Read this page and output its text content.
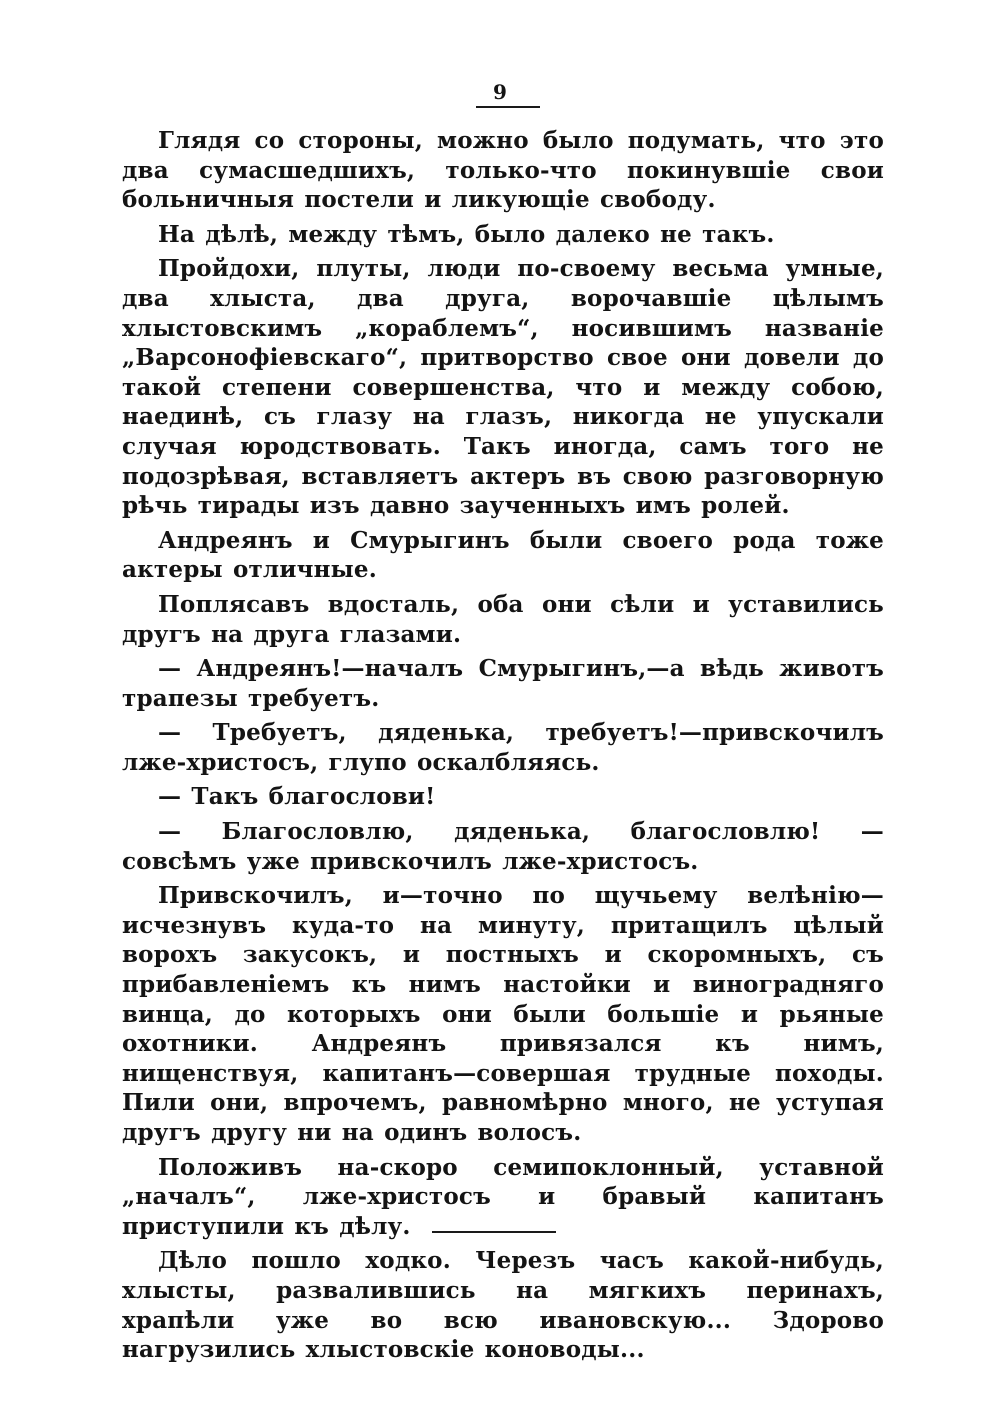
9

Глядя со стороны, можно было подумать, что это два сумасшедшихъ, только-что покинувшіе свои больничныя постели и ликующіе свободу.

На дѣлѣ, между тѣмъ, было далеко не такъ.

Пройдохи, плуты, люди по-своему весьма умные, два хлыста, два друга, ворочавшіе цѣлымъ хлыстовскимъ „кораблемъ“, носившимъ названіе „Варсонофіевскаго“, притворство свое они довели до такой степени совершенства, что и между собою, наединѣ, съ глазу на глазъ, никогда не упускали случая юродствовать. Такъ иногда, самъ того не подозрѣвая, вставляетъ актеръ въ свою разговорную рѣчь тирады изъ давно заученныхъ имъ ролей.

Андреянъ и Смурыгинъ были своего рода тоже актеры отличные.

Поплясавъ вдосталь, оба они сѣли и уставились другъ на друга глазами.

— Андреянъ!—началъ Смурыгинъ,—а вѣдь животъ трапезы требуетъ.

— Требуетъ, дяденька, требуетъ!—привскочилъ лже-христосъ, глупо оскалбляясь.

— Такъ благослови!

— Благословлю, дяденька, благословлю! — совсѣмъ уже привскочилъ лже-христосъ.

Привскочилъ, и—точно по щучьему велѣнію—исчезнувъ куда-то на минуту, притащилъ цѣлый ворохъ закусокъ, и постныхъ и скоромныхъ, съ прибавленіемъ къ нимъ настойки и виноградняго винца, до которыхъ они были большіе и рьяные охотники. Андреянъ привязался къ нимъ, нищенствуя, капитанъ—совершая трудные походы. Пили они, впрочемъ, равномѣрно много, не уступая другъ другу ни на одинъ волосъ.

Положивъ на-скоро семипоклонный, уставной „началъ“, лже-христосъ и бравый капитанъ приступили къ дѣлу.

Дѣло пошло ходко. Черезъ часъ какой-нибудь, хлысты, развалившись на мягкихъ перинахъ, храпѣли уже во всю ивановскую... Здорово нагрузились хлыстовскіе коноводы...
